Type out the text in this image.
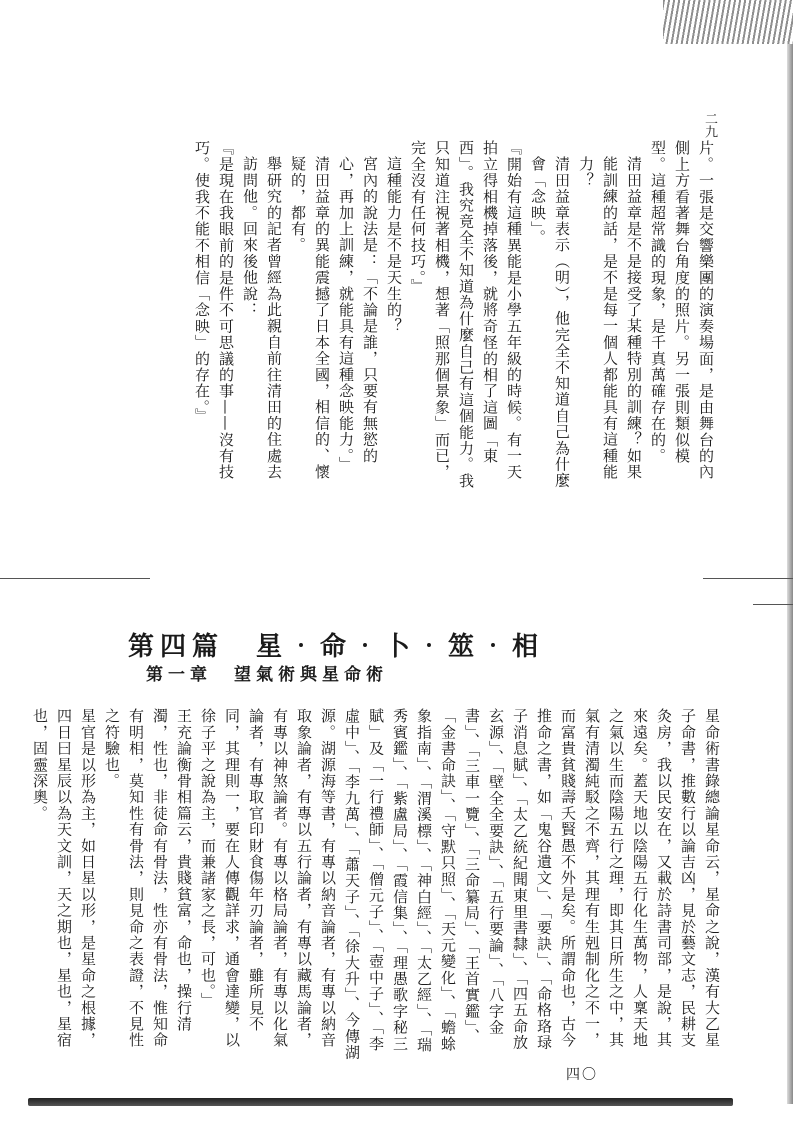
二九

片。一張是交響樂團的演奏場面，是由舞台的內側上方看著舞台角度的照片。另一張則類似模型。這種超常識的現象，是千真萬確存在的。

清田益章是不是接受了某種特別的訓練？如果能訓練的話，是不是每一個人都能具有這種能力？

清田益章表示（明），他完全不知道自己為什麼會「念映」。

『開始有這種異能是小學五年級的時候。有一天拍立得相機掉落後，就將奇怪的相了這圖「東西」。我究竟全不知道為什麼自己有這個能力。我只知道注視著相機，想著「照那個景象」而已，完全沒有任何技巧。』

這種能力是不是天生的？

宮內的說法是：「不論是誰，只要有無慾的心，再加上訓練，就能具有這種念映能力。」

清田益章的異能震撼了日本全國，相信的、懷疑的，都有。

舉研究的記者曾經為此親自前往清田的住處去訪問他。回來後他說：

『是現在我眼前的是件不可思議的事——沒有技巧。使我不能不相信「念映」的存在。』

第四篇　星‧命‧卜‧筮‧相
第一章　望氣術與星命術

星命術書錄總論星命云，星命之說，漢有大乙星子命書，推數行以論吉凶，見於藝文志，民耕支灸房，我以民安在，又載於詩書司部，是說，其來遠矣。蓋天地以陰陽五行化生萬物，人稟天地之氣以生而陰陽五行之理，即其日所生之中，其氣有清濁純駁之不齊，其理有生剋制化之不一，而富貴貧賤壽夭賢愚不外是矣。所謂命也，古今推命之書，如「鬼谷遺文」、「要訣」、「命格珞琭子消息賦」、「太乙統紀聞東里書隸」、「四五命放玄源」、「壁全全要訣」、「五行要論」、「八字金書」、「三車一覽」、「三命纂局」、「王首實鑑」、「金書命訣」、「守默只照」、「天元變化」、「蟾蜍象指南」、「渭溪標」、「神白經」、「太乙經」、「瑞秀賓鑑」、「紫盧局」、「霞信集」、「理愚歌字秘三賦」及「一行禮師」、「僧元子」、「壺中子」、「李虛中」、「李九萬」、「蕭天子」、「徐大升」、今傳湖源。湖源海等書，有專以納音論者，有專以納音取象論者，有專以五行論者，有專以藏馬論者，有專以神煞論者。有專以格局論者，有專以化氣論者，有專取官印財食傷年刃論者，雖所見不同，其理則一，要在人傳觀詳求，通會達變，以徐子平之說為主，而兼諸家之長，可也。」

王充論衡骨相篇云，貴賤貧富，命也，操行清濁，性也，非徒命有骨法，性亦有骨法，惟知命有明相，莫知性有骨法，則見命之表證，不見性之符驗也。

星官是以形為主，如日星以形，是星命之根據，四日曰星辰以為天文訓，天之期也，星也，星宿也，固靈深奧。

四〇
